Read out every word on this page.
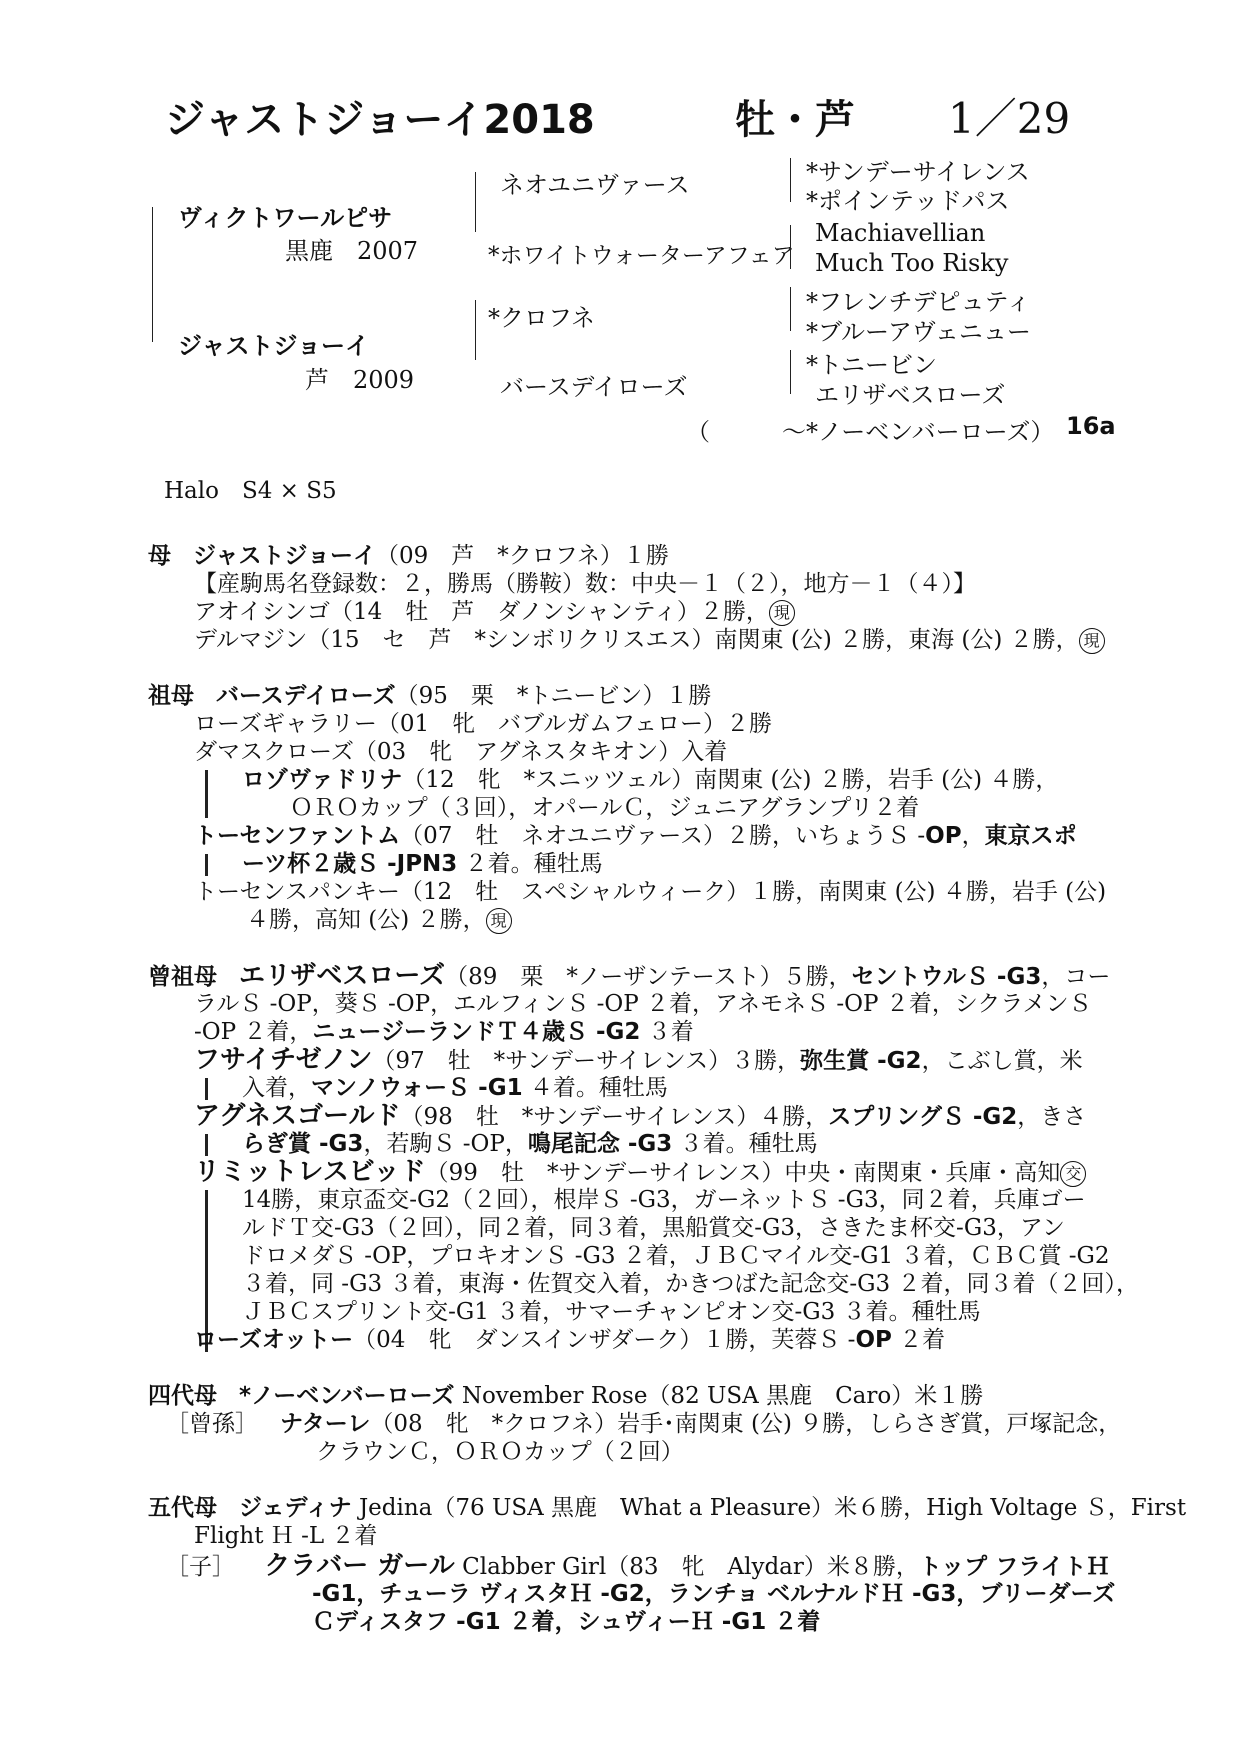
ジャストジョーイ2018	牡・芦 1／29
ヴィクトワールピサ
黒鹿　2007
ジャストジョーイ
芦　2009
ネオユニヴァース
*ホワイトウォーターアフェア
*クロフネ
バースデイローズ
*サンデーサイレンス
*ポインテッドパス
Machiavellian
Much Too Risky
*フレンチデピュティ
*ブルーアヴェニュー
*トニービン
エリザベスローズ
（　　　～*ノーベンバーローズ） 16a
Halo　S4 × S5
母 ジャストジョーイ（09　芦　*クロフネ）１勝
【産駒馬名登録数：２，勝馬（勝鞍）数：中央－１（２），地方－１（４）】
アオイシンゴ（14　牡　芦　ダノンシャンティ）２勝， 現
デルマジン（15　セ　芦　*シンボリクリスエス）南関東 (公) ２勝，東海 (公) ２勝， 現
祖母 バースデイローズ（95　栗　*トニービン）１勝
ローズギャラリー（01　牝　バブルガムフェロー）２勝
ダマスクローズ（03　牝　アグネスタキオン）入着
ロゾヴァドリナ（12　牝　*スニッツェル）南関東 (公) ２勝，岩手 (公) ４勝，
ＯＲＯカップ（３回），オパールＣ，ジュニアグランプリ２着
トーセンファントム（07　牡　ネオユニヴァース）２勝，いちょうＳ -OP，東京スポ
ーツ杯２歳Ｓ -JPN3 ２着。種牡馬
トーセンスパンキー（12　牡　スペシャルウィーク）１勝，南関東 (公) ４勝，岩手 (公)
４勝，高知 (公) ２勝， 現
曾祖母 エリザベスローズ（89　栗　*ノーザンテースト）５勝，セントウルＳ -G3，コー
ラルＳ -OP，葵Ｓ -OP，エルフィンＳ -OP ２着，アネモネＳ -OP ２着，シクラメンＳ
-OP ２着，ニュージーランドＴ４歳Ｓ -G2 ３着
フサイチゼノン（97　牡　*サンデーサイレンス）３勝，弥生賞 -G2，こぶし賞，米
入着，マンノウォーＳ -G1 ４着。種牡馬
アグネスゴールド（98　牡　*サンデーサイレンス）４勝，スプリングＳ -G2，きさ
らぎ賞 -G3，若駒Ｓ -OP，鳴尾記念 -G3 ３着。種牡馬
リミットレスビッド（99　牡　*サンデーサイレンス）中央・南関東・兵庫・高知 交
14勝，東京盃交-G2（２回），根岸Ｓ -G3，ガーネットＳ -G3，同２着，兵庫ゴー
ルドＴ交-G3（２回），同２着，同３着，黒船賞交-G3，さきたま杯交-G3，アン
ドロメダＳ -OP，プロキオンＳ -G3 ２着，ＪＢＣマイル交-G1 ３着，ＣＢＣ賞 -G2
３着，同 -G3 ３着，東海・佐賀交入着，かきつばた記念交-G3 ２着，同３着（２回），
ＪＢＣスプリント交-G1 ３着，サマーチャンピオン交-G3 ３着。種牡馬
ローズオットー（04　牝　ダンスインザダーク）１勝，芙蓉Ｓ -OP ２着
四代母 *ノーベンバーローズ November Rose（82 USA 黒鹿　Caro）米１勝
［曾孫］ ナターレ（08　牝　*クロフネ）岩手･南関東 (公) ９勝，しらさぎ賞，戸塚記念，
クラウンＣ，ＯＲＯカップ（２回）
五代母 ジェディナ Jedina（76 USA 黒鹿　What a Pleasure）米６勝，High Voltage Ｓ，First
Flight Ｈ -L ２着
［子］ クラバー ガール Clabber Girl（83　牝　Alydar）米８勝，トップ フライトＨ
-G1，チューラ ヴィスタＨ -G2，ランチョ ベルナルドＨ -G3，ブリーダーズ
Ｃディスタフ -G1 ２着，シュヴィーＨ -G1 ２着
